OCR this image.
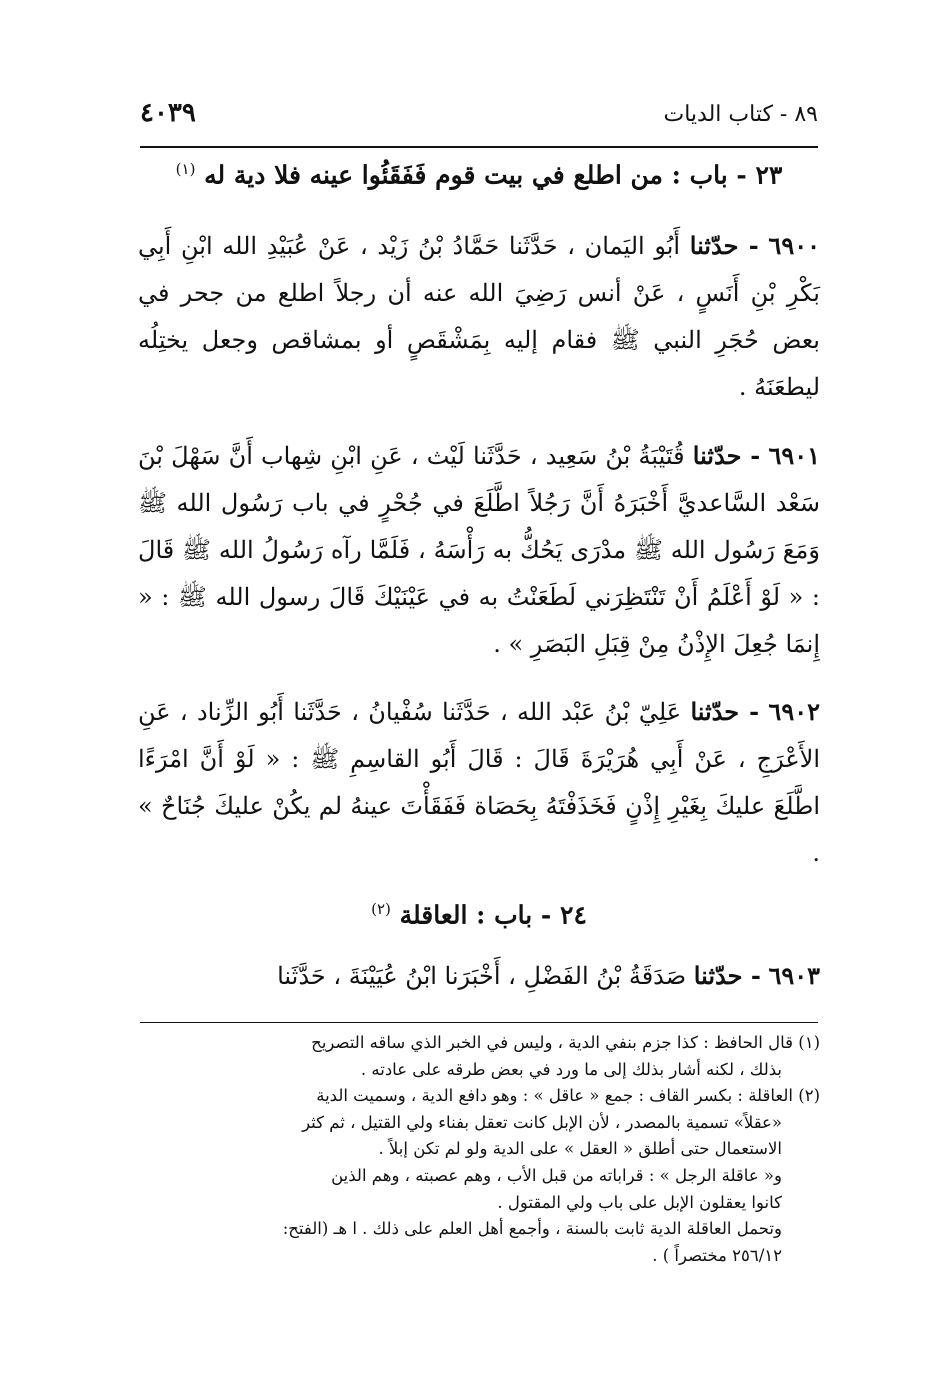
٨٩ - كتاب الديات
٤٠٣٩
٢٣ - باب : من اطلع في بيت قوم فَفَقَئُوا عينه فلا دية له $^{(١)}$
٦٩٠٠ - حدّثنا أَبُو اليَمان ، حَدَّثَنا حَمَّادُ بْنُ زَيْد ، عَنْ عُبَيْدِ الله ابْنِ أَبِي بَكْرِ بْنِ أَنَسٍ ، عَنْ أنس رَضِيَ الله عنه أن رجلاً اطلع من جحر في بعض حُجَرِ النبي ﷺ فقام إليه بِمَشْقَصٍ أو بمشاقص وجعل يختِلُه ليطعَنَهُ .
٦٩٠١ - حدّثنا قُتَيْبَةُ بْنُ سَعِيد ، حَدَّثَنا لَيْث ، عَنِ ابْنِ شِهاب أَنَّ سَهْلَ بْنَ سَعْد السَّاعديَّ أَخْبَرَهُ أَنَّ رَجُلاً اطَّلَعَ في جُحْرٍ في باب رَسُول الله ﷺ وَمَعَ رَسُول الله ﷺ مدْرَى يَحُكُّ به رَأْسَهُ ، فَلَمَّا رآه رَسُولُ الله ﷺ قَالَ : « لَوْ أَعْلَمُ أَنْ تَنْتَظِرَني لَطَعَنْتُ به في عَيْنَيْكَ قَالَ رسول الله ﷺ : « إِنمَا جُعِلَ الإِذْنُ مِنْ قِبَلِ البَصَرِ » .
٦٩٠٢ - حدّثنا عَلِيّ بْنُ عَبْد الله ، حَدَّثَنا سُفْيانُ ، حَدَّثَنا أَبُو الزِّناد ، عَنِ الأَعْرَجِ ، عَنْ أَبِي هُرَيْرَةَ قَالَ : قَالَ أَبُو القاسِمِ ﷺ : « لَوْ أَنَّ امْرَءًا اطَّلَعَ عليكَ بِغَيْرِ إِذْنٍ فَخَذَفْتَهُ بِحَصَاة فَفَقَأْتَ عينهُ لم يكُنْ عليكَ جُنَاحٌ » .
٢٤ - باب : العاقلة $^{(٢)}$
٦٩٠٣ - حدّثنا صَدَقَةُ بْنُ الفَضْلِ ، أَخْبَرَنا ابْنُ عُيَيْنَةَ ، حَدَّثَنا

(١) قال الحافظ : كذا جزم بنفي الدية ، وليس في الخبر الذي ساقه التصريح

بذلك ، لكنه أشار بذلك إلى ما ورد في بعض طرقه على عادته .

(٢) العاقلة : بكسر القاف : جمع « عاقل » : وهو دافع الدية ، وسميت الدية

«عقلاً» تسمية بالمصدر ، لأن الإبل كانت تعقل بفناء ولي القتيل ، ثم كثر

الاستعمال حتى أطلق « العقل » على الدية ولو لم تكن إبلاً .

و« عاقلة الرجل » : قراباته من قبل الأب ، وهم عصبته ، وهم الذين

كانوا يعقلون الإبل على باب ولي المقتول .

وتحمل العاقلة الدية ثابت بالسنة ، وأجمع أهل العلم على ذلك . ا هـ (الفتح:

٢٥٦/١٢ مختصراً ) .
